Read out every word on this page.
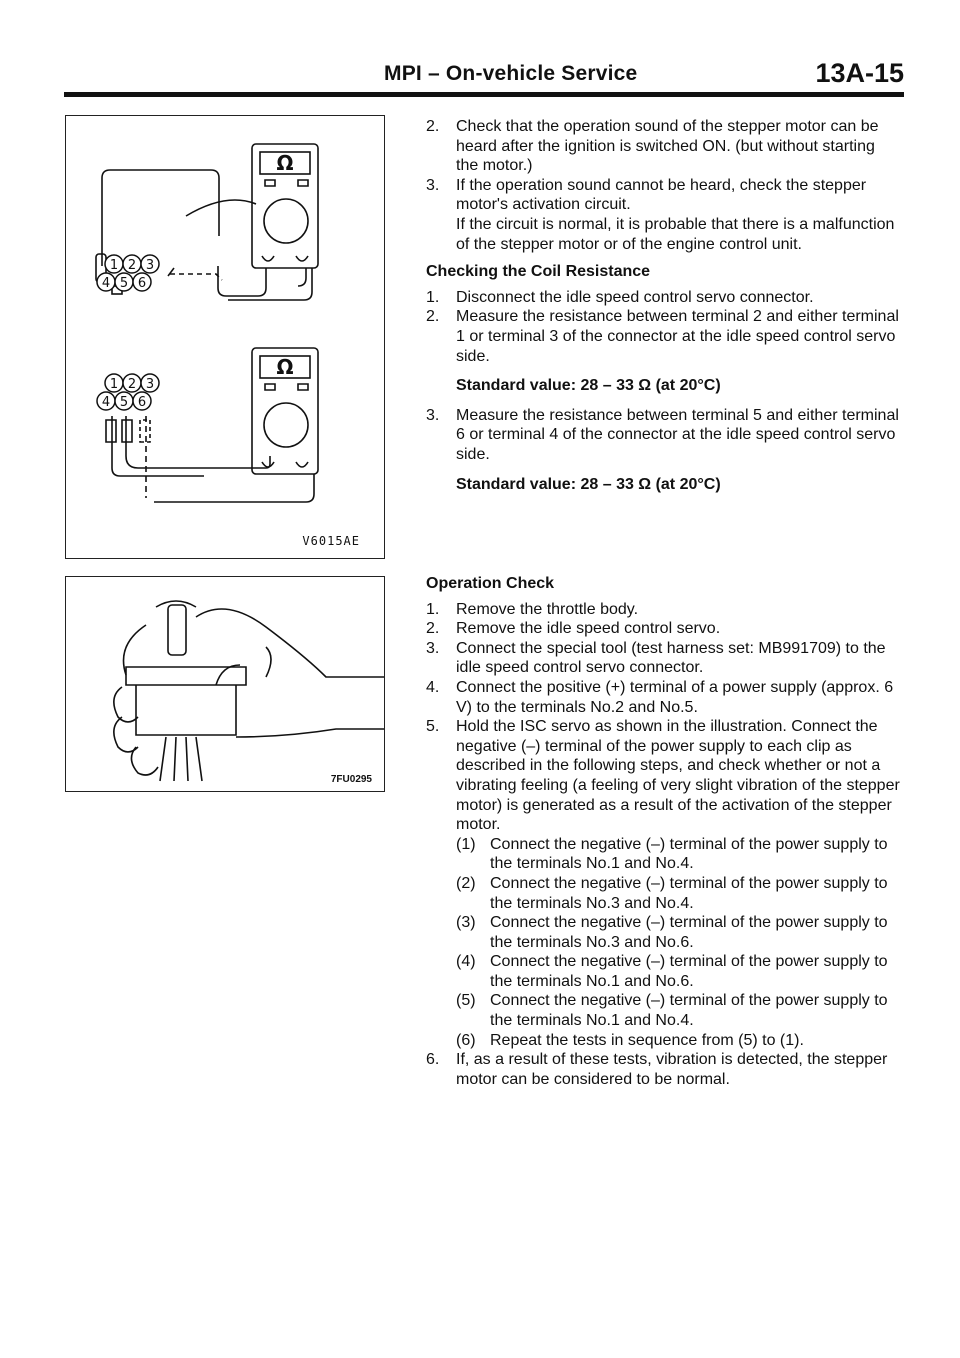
MPI – On-vehicle Service	13A-15
Ω
Ω
1 2 3
4 5 6
1 2 3
4 5 6
V6015AE
7FU0295

2. Check that the operation sound of the stepper motor can be heard after the ignition is switched ON. (but without starting the motor.)

3. If the operation sound cannot be heard, check the stepper motor's activation circuit.

If the circuit is normal, it is probable that there is a malfunction of the stepper motor or of the engine control unit.

Checking the Coil Resistance

1. Disconnect the idle speed control servo connector.

2. Measure the resistance between terminal 2 and either terminal 1 or terminal 3 of the connector at the idle speed control servo side.

Standard value: 28 – 33 Ω (at 20°C)

3. Measure the resistance between terminal 5 and either terminal 6 or terminal 4 of the connector at the idle speed control servo side.

Standard value: 28 – 33 Ω (at 20°C)

Operation Check

1. Remove the throttle body.

2. Remove the idle speed control servo.

3. Connect the special tool (test harness set: MB991709) to the idle speed control servo connector.

4. Connect the positive (+) terminal of a power supply (approx. 6 V) to the terminals No.2 and No.5.

5. Hold the ISC servo as shown in the illustration. Connect the negative (–) terminal of the power supply to each clip as described in the following steps, and check whether or not a vibrating feeling (a feeling of very slight vibration of the stepper motor) is generated as a result of the activation of the stepper motor.

(1) Connect the negative (–) terminal of the power supply to the terminals No.1 and No.4.

(2) Connect the negative (–) terminal of the power supply to the terminals No.3 and No.4.

(3) Connect the negative (–) terminal of the power supply to the terminals No.3 and No.6.

(4) Connect the negative (–) terminal of the power supply to the terminals No.1 and No.6.

(5) Connect the negative (–) terminal of the power supply to the terminals No.1 and No.4.

(6) Repeat the tests in sequence from (5) to (1).

6. If, as a result of these tests, vibration is detected, the stepper motor can be considered to be normal.
